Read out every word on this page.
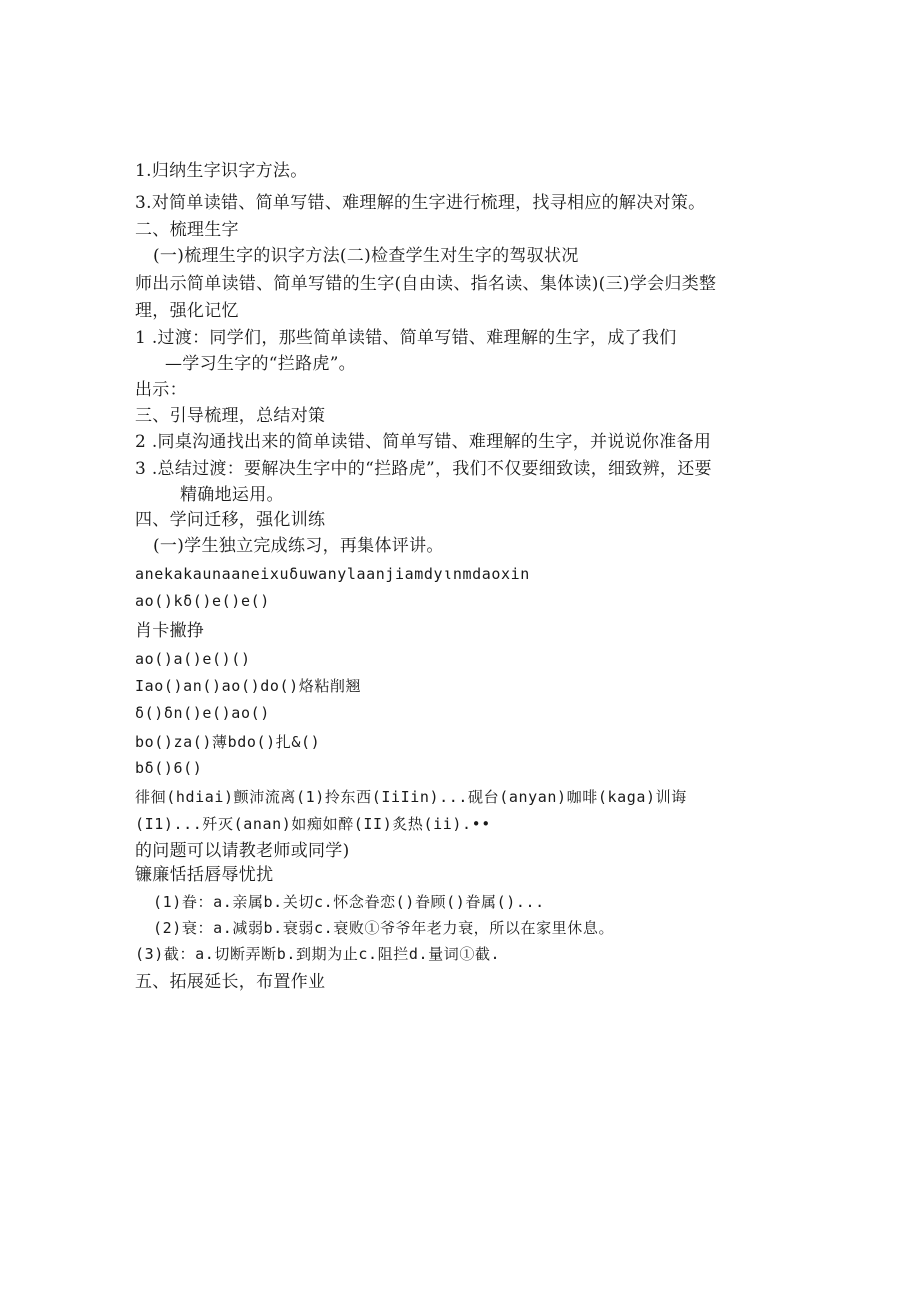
1.归纳生字识字方法。
3.对简单读错、简单写错、难理解的生字进行梳理，找寻相应的解决对策。
二、梳理生字
(一)梳理生字的识字方法(二)检查学生对生字的驾驭状况
师出示简单读错、简单写错的生字(自由读、指名读、集体读)(三)学会归类整
理，强化记忆
1 .过渡：同学们，那些简单读错、简单写错、难理解的生字，成了我们
—学习生字的“拦路虎”。
出示：
三、引导梳理，总结对策
2 .同桌沟通找出来的简单读错、简单写错、难理解的生字，并说说你准备用
3 .总结过渡：要解决生字中的“拦路虎”，我们不仅要细致读，细致辨，还要
精确地运用。
四、学问迁移，强化训练
(一)学生独立完成练习，再集体评讲。
anekakaunaaneixuδuwanylaanjiamdyιnmdaoxin
ao()kδ()e()e()
肖卡撇挣
ao()a()e()()
Iao()an()ao()do()烙粘削翘
δ()δn()e()ao()
bo()za()薄bdo()扎&()
bδ()6()
徘徊(hdiai)颤沛流离(1)拎东西(IiIin)...砚台(anyan)咖啡(kaga)训诲
(I1)...歼灭(anan)如痴如醉(II)炙热(ii).••
的问题可以请教老师或同学)
镰廉恬括唇辱忧扰
(1)眷：a.亲属b.关切c.怀念眷恋()眷顾()眷属()...
(2)衰：a.减弱b.衰弱c.衰败①爷爷年老力衰，所以在家里休息。
(3)截：a.切断弄断b.到期为止c.阻拦d.量词①截.
五、拓展延长，布置作业
